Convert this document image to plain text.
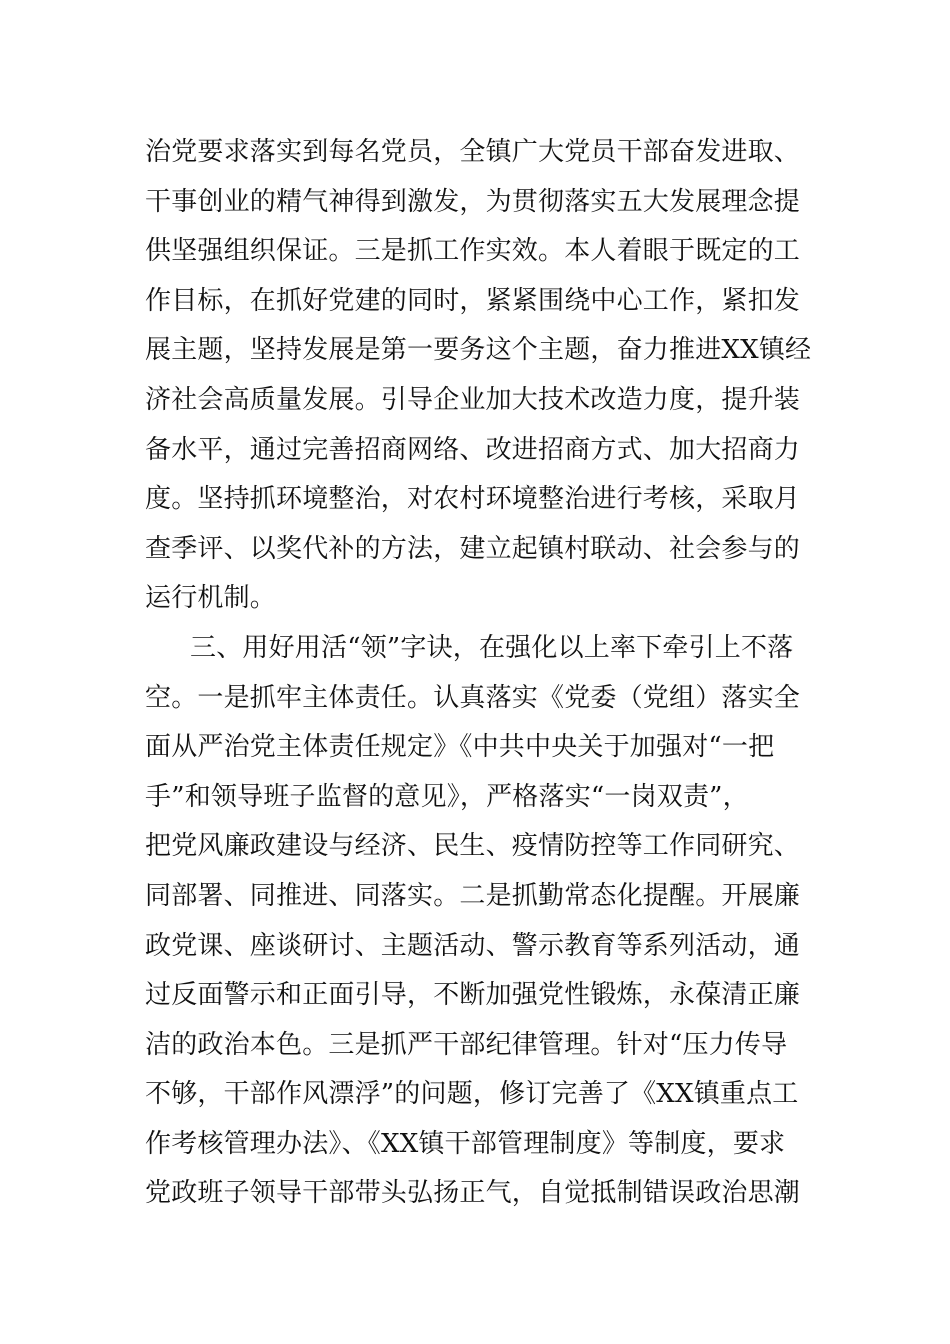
治党要求落实到每名党员，全镇广大党员干部奋发进取、
干事创业的精气神得到激发，为贯彻落实五大发展理念提
供坚强组织保证。三是抓工作实效。本人着眼于既定的工
作目标，在抓好党建的同时，紧紧围绕中心工作，紧扣发
展主题，坚持发展是第一要务这个主题，奋力推进XX镇经
济社会高质量发展。引导企业加大技术改造力度，提升装
备水平，通过完善招商网络、改进招商方式、加大招商力
度。坚持抓环境整治，对农村环境整治进行考核，采取月
查季评、以奖代补的方法，建立起镇村联动、社会参与的
运行机制。
三、用好用活“领”字诀，在强化以上率下牵引上不落
空。一是抓牢主体责任。认真落实《党委（党组）落实全
面从严治党主体责任规定》《中共中央关于加强对“一把
手”和领导班子监督的意见》，严格落实“一岗双责”，
把党风廉政建设与经济、民生、疫情防控等工作同研究、
同部署、同推进、同落实。二是抓勤常态化提醒。开展廉
政党课、座谈研讨、主题活动、警示教育等系列活动，通
过反面警示和正面引导，不断加强党性锻炼，永葆清正廉
洁的政治本色。三是抓严干部纪律管理。针对“压力传导
不够，干部作风漂浮”的问题，修订完善了《XX镇重点工
作考核管理办法》、《XX镇干部管理制度》等制度，要求
党政班子领导干部带头弘扬正气，自觉抵制错误政治思潮
